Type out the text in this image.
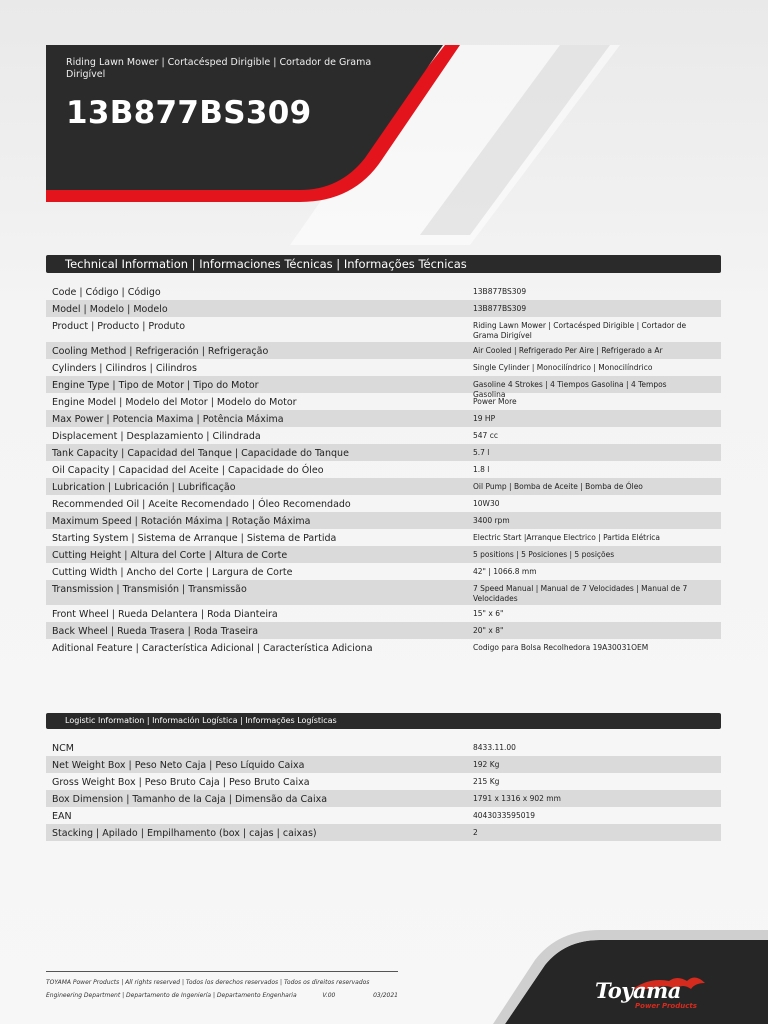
Riding Lawn Mower | Cortacésped Dirigible | Cortador de Grama Dirigível
13B877BS309
Technical Information | Informaciones Técnicas | Informações Técnicas
Code | Código | Código	13B877BS309
Model | Modelo | Modelo	13B877BS309
Product | Producto | Produto	Riding Lawn Mower | Cortacésped Dirigible | Cortador de Grama Dirigível
Cooling Method | Refrigeración | Refrigeração	Air Cooled | Refrigerado Per Aire | Refrigerado a Ar
Cylinders | Cilindros | Cilindros	Single Cylinder | Monocilíndrico | Monocilíndrico
Engine Type | Tipo de Motor | Tipo do Motor	Gasoline 4 Strokes | 4 Tiempos Gasolina | 4 Tempos Gasolina
Engine Model | Modelo del Motor | Modelo do Motor	Power More
Max Power | Potencia Maxima | Potência Máxima	19 HP
Displacement | Desplazamiento | Cilindrada	547 cc
Tank Capacity | Capacidad del Tanque | Capacidade do Tanque	5.7 l
Oil Capacity | Capacidad del Aceite | Capacidade do Óleo	1.8 l
Lubrication | Lubricación | Lubrificação	Oil Pump | Bomba de Aceite | Bomba de Óleo
Recommended Oil | Aceite Recomendado | Óleo Recomendado	10W30
Maximum Speed | Rotación Máxima | Rotação Máxima	3400 rpm
Starting System | Sistema de Arranque | Sistema de Partida	Electric Start |Arranque Electrico | Partida Elétrica
Cutting Height | Altura del Corte | Altura de Corte	5 positions | 5 Posiciones | 5 posições
Cutting Width | Ancho del Corte | Largura de Corte	42" | 1066.8 mm
Transmission | Transmisión | Transmissão	7 Speed Manual | Manual de 7 Velocidades | Manual de 7 Velocidades
Front Wheel | Rueda Delantera | Roda Dianteira	15" x 6"
Back Wheel | Rueda Trasera | Roda Traseira	20" x 8"
Aditional Feature | Característica Adicional | Característica Adiciona	Codigo para Bolsa Recolhedora 19A30031OEM
Logistic Information | Información Logística | Informações Logísticas
NCM	8433.11.00
Net Weight Box | Peso Neto Caja | Peso Líquido Caixa	192 Kg
Gross Weight Box | Peso Bruto Caja | Peso Bruto Caixa	215 Kg
Box Dimension | Tamanho de la Caja | Dimensão da Caixa	1791 x 1316 x 902 mm
EAN	4043033595019
Stacking | Apilado | Empilhamento (box | cajas | caixas)	2
TOYAMA Power Products | All rights reserved | Todos los derechos reservados | Todos os direitos reservados
Engineering Department | Departamento de Ingeniería | Departamento Engenharia	V.00	03/2021	Toyama
Power Products
